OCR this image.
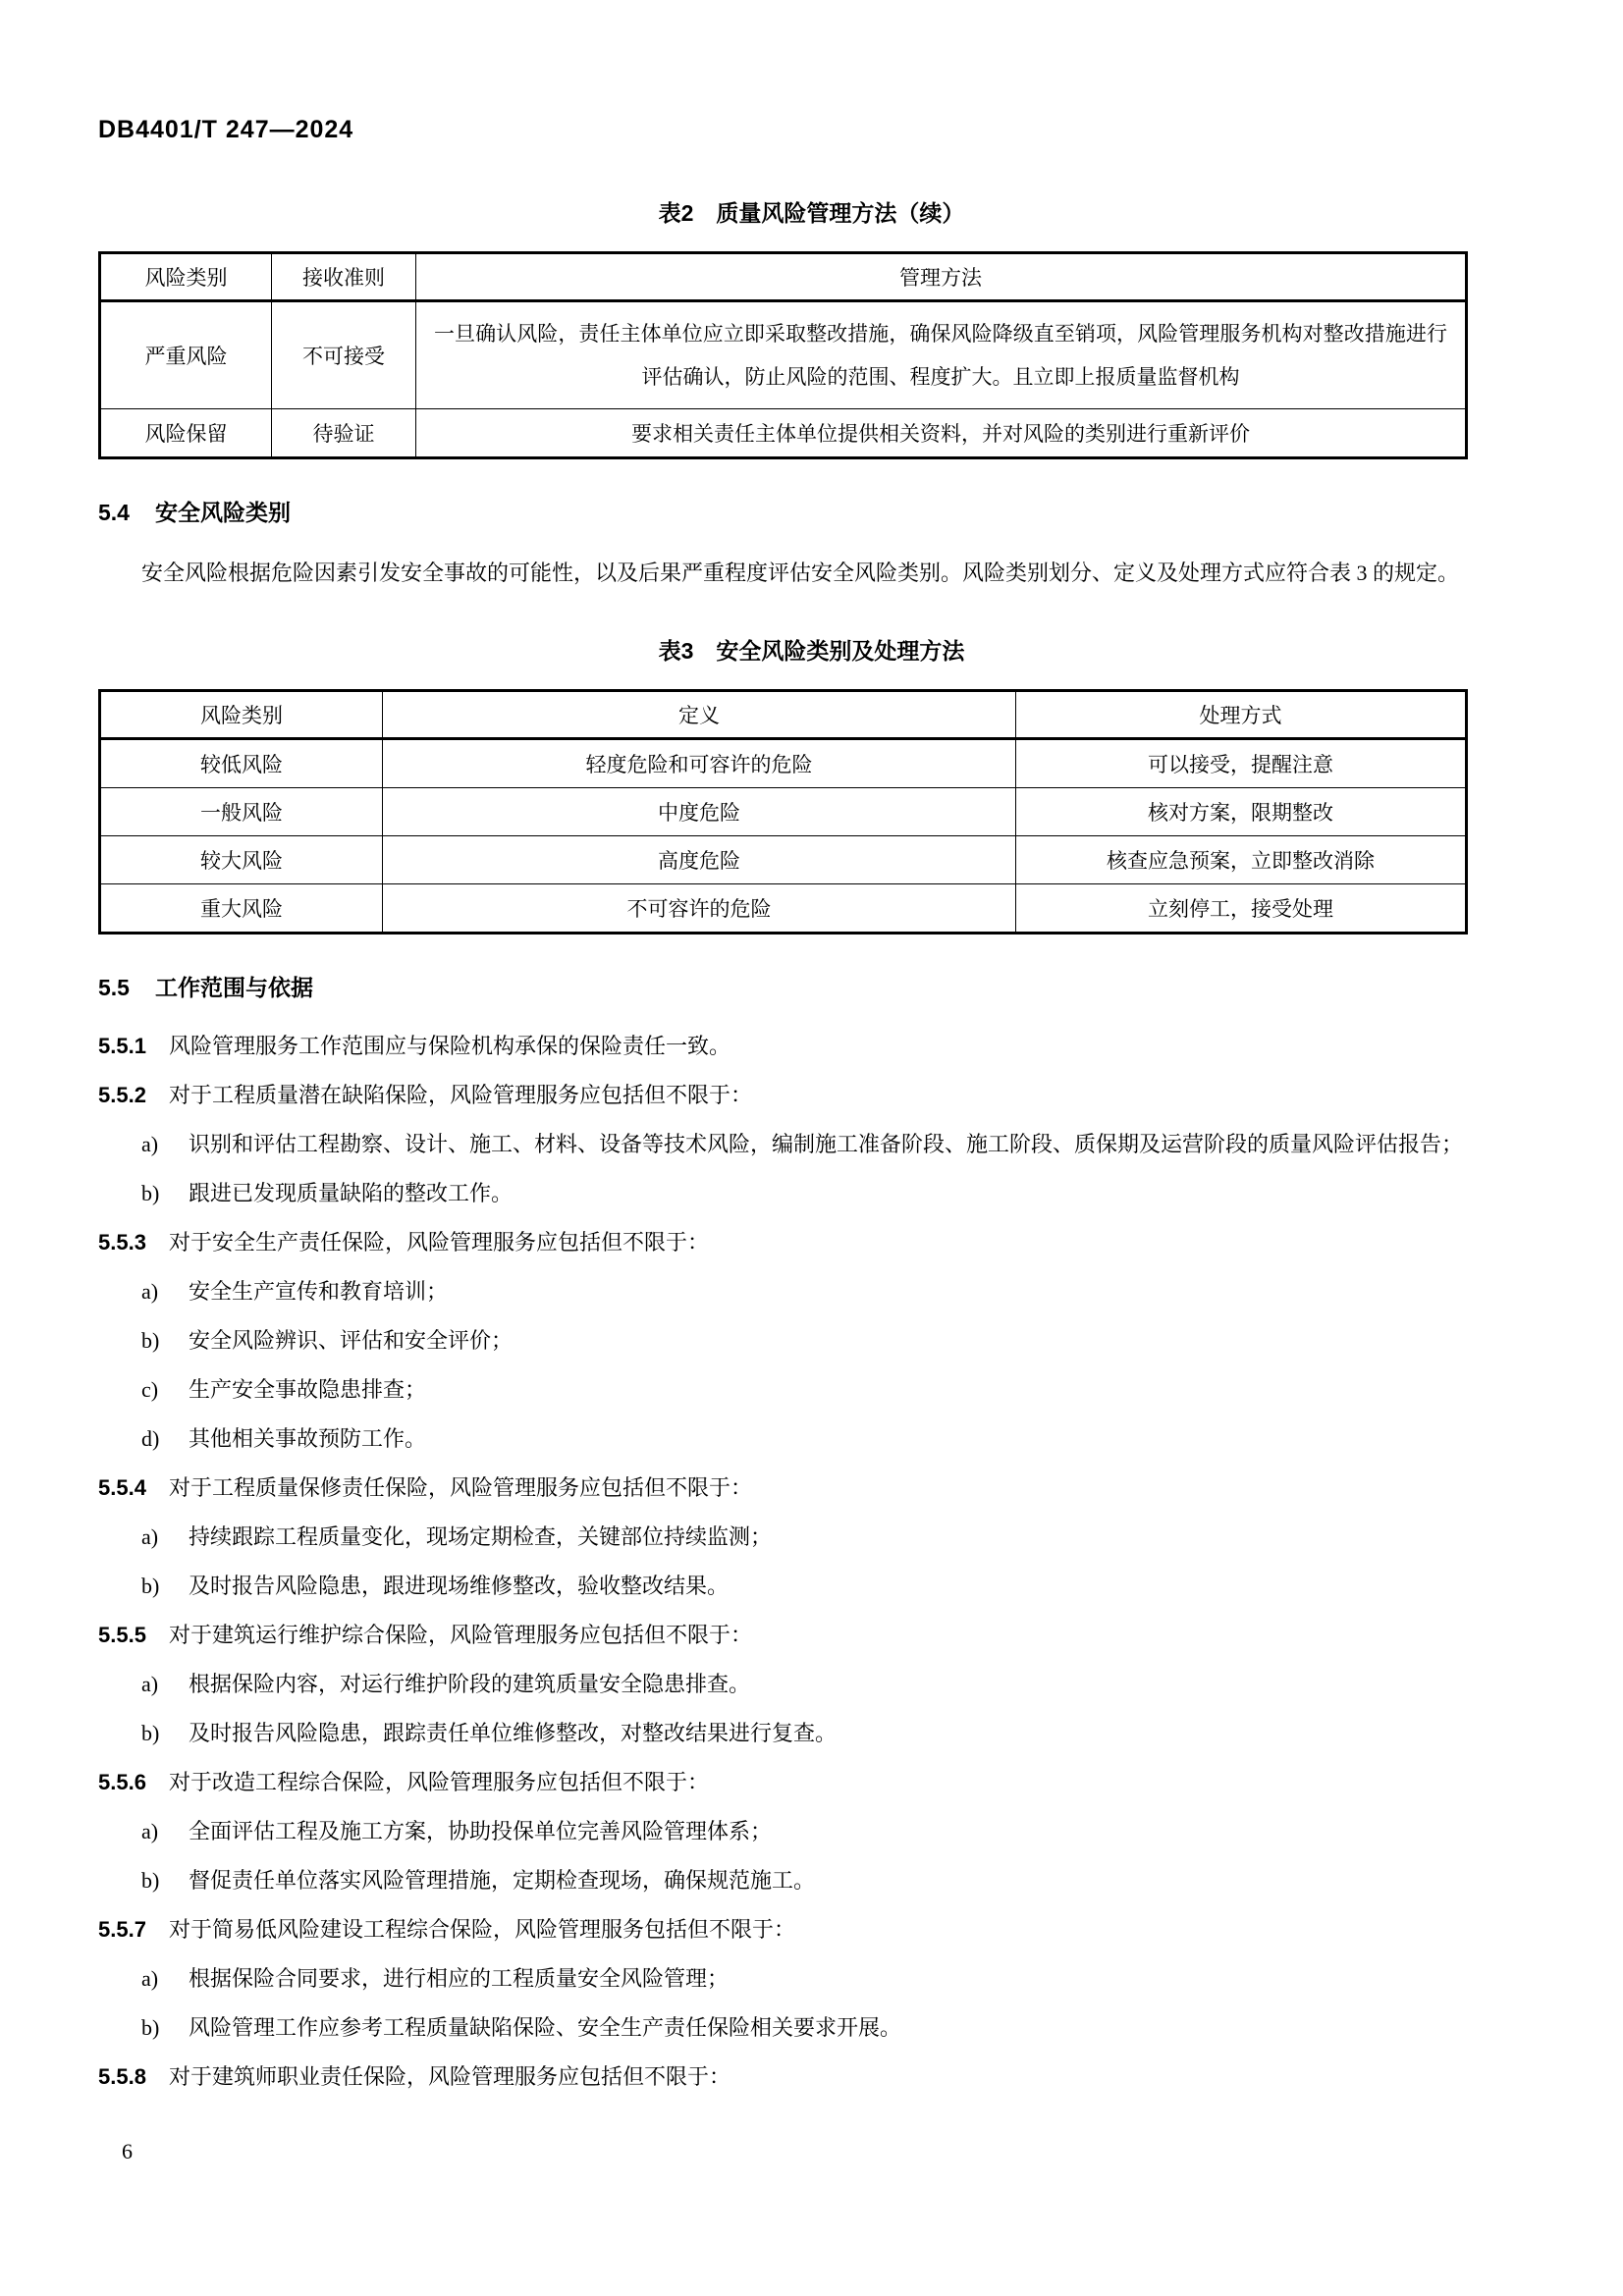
DB4401/T 247—2024
表2　质量风险管理方法（续）
风险类别	接收准则	管理方法
严重风险	不可接受	一旦确认风险，责任主体单位应立即采取整改措施，确保风险降级直至销项，风险管理服务机构对整改措施进行评估确认，防止风险的范围、程度扩大。且立即上报质量监督机构
风险保留	待验证	要求相关责任主体单位提供相关资料，并对风险的类别进行重新评价
5.4 安全风险类别

安全风险根据危险因素引发安全事故的可能性，以及后果严重程度评估安全风险类别。风险类别划分、定义及处理方式应符合表 3 的规定。

表3　安全风险类别及处理方法
风险类别	定义	处理方式
较低风险	轻度危险和可容许的危险	可以接受，提醒注意
一般风险	中度危险	核对方案，限期整改
较大风险	高度危险	核查应急预案，立即整改消除
重大风险	不可容许的危险	立刻停工，接受处理
5.5 工作范围与依据
5.5.1	风险管理服务工作范围应与保险机构承保的保险责任一致。
5.5.2	对于工程质量潜在缺陷保险，风险管理服务应包括但不限于：
a)	识别和评估工程勘察、设计、施工、材料、设备等技术风险，编制施工准备阶段、施工阶段、质保期及运营阶段的质量风险评估报告；
b)	跟进已发现质量缺陷的整改工作。
5.5.3	对于安全生产责任保险，风险管理服务应包括但不限于：
a)	安全生产宣传和教育培训；
b)	安全风险辨识、评估和安全评价；
c)	生产安全事故隐患排查；
d)	其他相关事故预防工作。
5.5.4	对于工程质量保修责任保险，风险管理服务应包括但不限于：
a)	持续跟踪工程质量变化，现场定期检查，关键部位持续监测；
b)	及时报告风险隐患，跟进现场维修整改，验收整改结果。
5.5.5	对于建筑运行维护综合保险，风险管理服务应包括但不限于：
a)	根据保险内容，对运行维护阶段的建筑质量安全隐患排查。
b)	及时报告风险隐患，跟踪责任单位维修整改，对整改结果进行复查。
5.5.6	对于改造工程综合保险，风险管理服务应包括但不限于：
a)	全面评估工程及施工方案，协助投保单位完善风险管理体系；
b)	督促责任单位落实风险管理措施，定期检查现场，确保规范施工。
5.5.7	对于简易低风险建设工程综合保险，风险管理服务包括但不限于：
a)	根据保险合同要求，进行相应的工程质量安全风险管理；
b)	风险管理工作应参考工程质量缺陷保险、安全生产责任保险相关要求开展。
5.5.8	对于建筑师职业责任保险，风险管理服务应包括但不限于：
6
